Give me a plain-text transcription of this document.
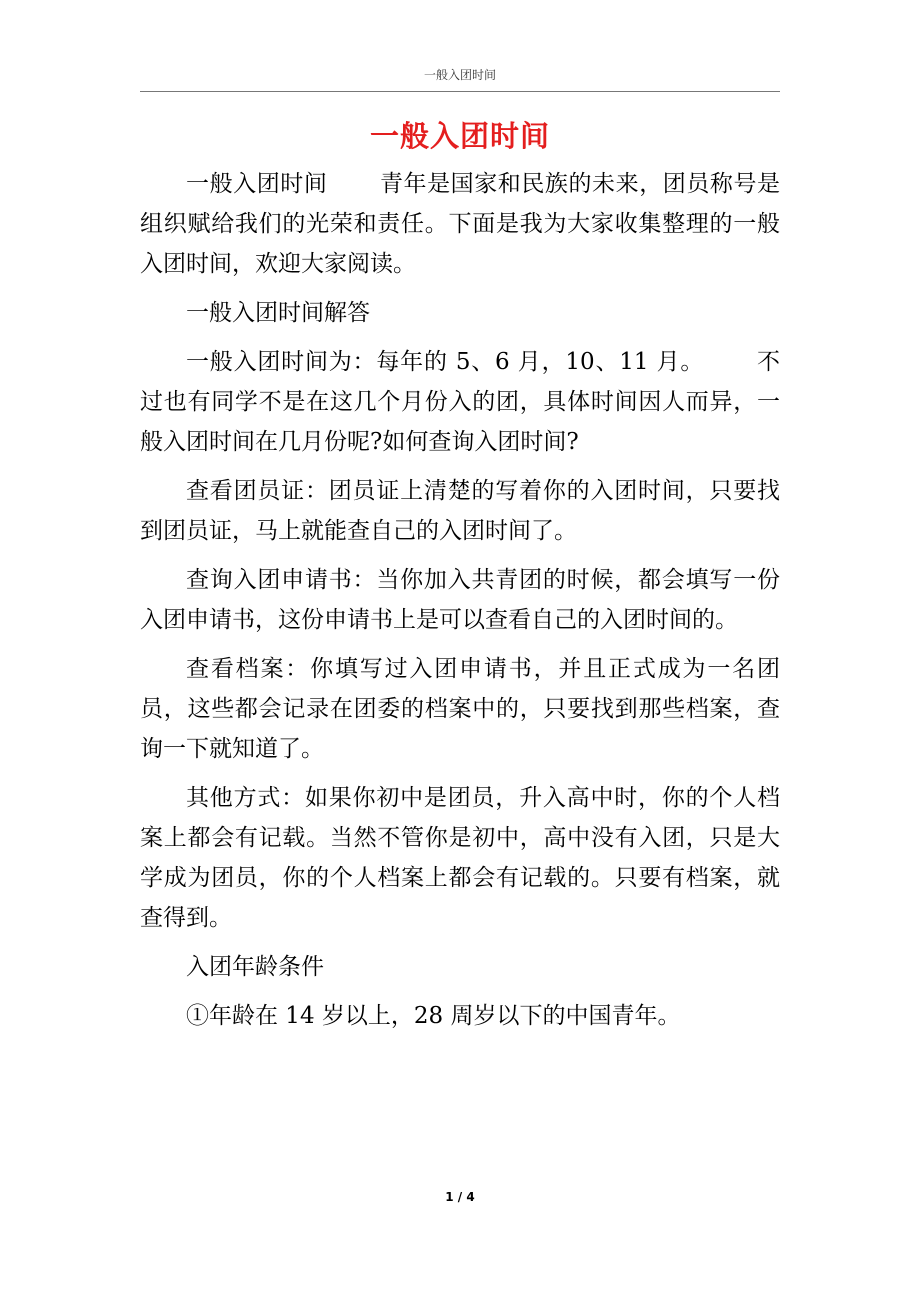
一般入团时间
一般入团时间

一般入团时间 青年是国家和民族的未来，团员称号是组织赋给我们的光荣和责任。下面是我为大家收集整理的一般入团时间，欢迎大家阅读。

一般入团时间解答

一般入团时间为：每年的 5、6 月，10、11 月。 不过也有同学不是在这几个月份入的团，具体时间因人而异，一般入团时间在几月份呢?如何查询入团时间?

查看团员证：团员证上清楚的写着你的入团时间，只要找到团员证，马上就能查自己的入团时间了。

查询入团申请书：当你加入共青团的时候，都会填写一份入团申请书，这份申请书上是可以查看自己的入团时间的。

查看档案：你填写过入团申请书，并且正式成为一名团员，这些都会记录在团委的档案中的，只要找到那些档案，查询一下就知道了。

其他方式：如果你初中是团员，升入高中时，你的个人档案上都会有记载。当然不管你是初中，高中没有入团，只是大学成为团员，你的个人档案上都会有记载的。只要有档案，就查得到。

入团年龄条件

①年龄在 14 岁以上，28 周岁以下的中国青年。

1 / 4
